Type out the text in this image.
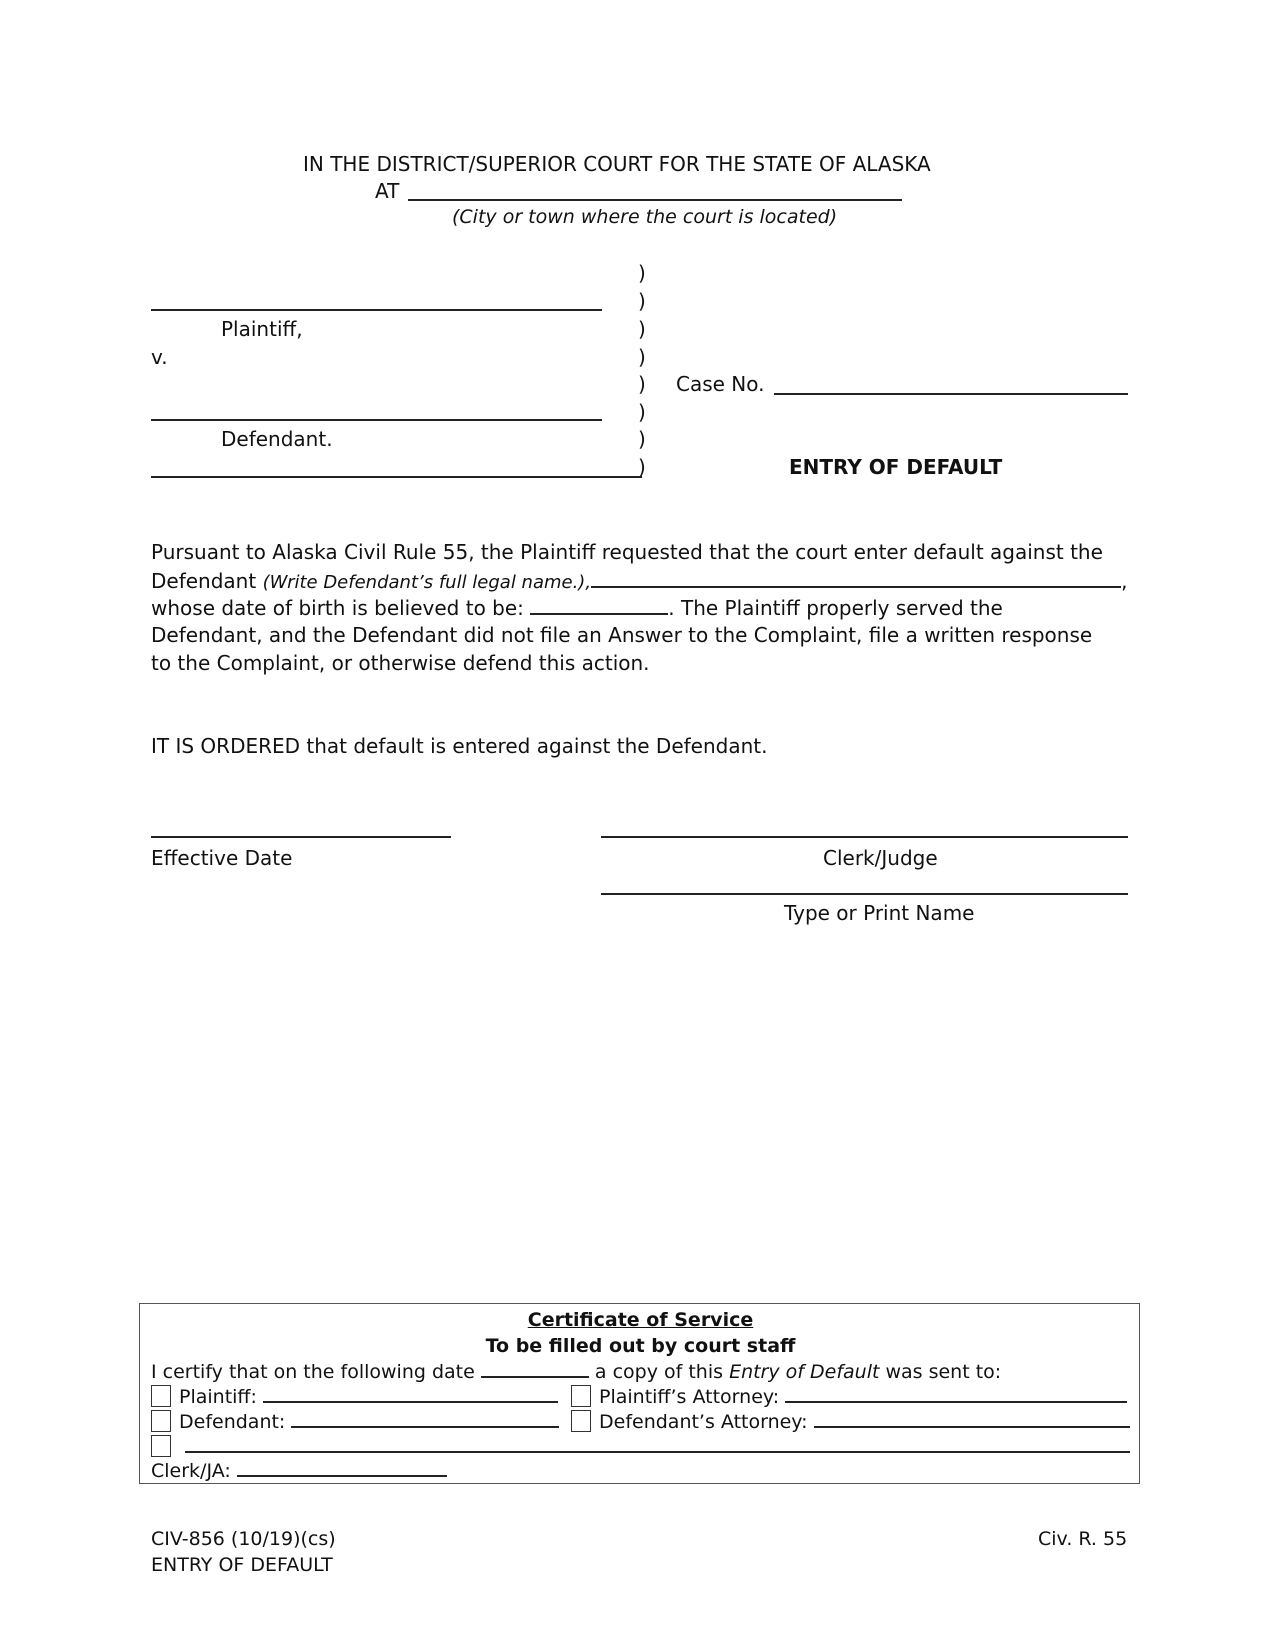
IN THE DISTRICT/SUPERIOR COURT FOR THE STATE OF ALASKA
AT
(City or town where the court is located)
Plaintiff,
v.
Defendant.
)
)
)
)
)
)
)
)
Case No.
ENTRY OF DEFAULT
Pursuant to Alaska Civil Rule 55, the Plaintiff requested that the court enter default against the
Defendant (Write Defendant’s full legal name.),	,
whose date of birth is believed to be:	. The Plaintiff properly served the
Defendant, and the Defendant did not file an Answer to the Complaint, file a written response
to the Complaint, or otherwise defend this action.
IT IS ORDERED that default is entered against the Defendant.
Effective Date	Clerk/Judge
Type or Print Name
Certificate of Service
To be filled out by court staff
I certify that on the following date	a copy of this Entry of Default was sent to:
Plaintiff:	Plaintiff’s Attorney:
Defendant:	Defendant’s Attorney:

Clerk/JA:
CIV-856 (10/19)(cs)
ENTRY OF DEFAULT
Civ. R. 55
